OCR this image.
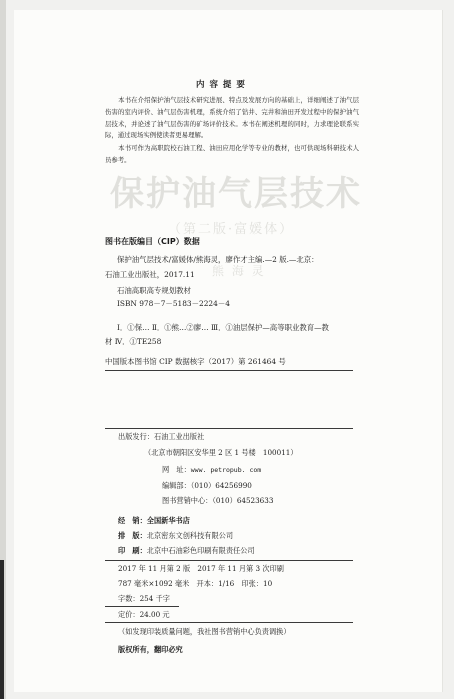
保护油气层技术
（第二版·富媛体）
熊 海 灵
内 容 提 要
本书在介绍保护油气层技术研究进展、特点及发展方向的基础上，详细阐述了油气层伤害的室内评价、油气层伤害机理，系统介绍了钻井、完井和油田开发过程中的保护油气层技术，并论述了油气层伤害的矿场评价技术。本书在阐述机理的同时，力求理论联系实际，通过现场实例使读者更易理解。
本书可作为高职院校石油工程、油田应用化学等专业的教材，也可供现场科研技术人员参考。
图书在版编目（CIP）数据
保护油气层技术/富媛体/熊海灵，廖作才主编.—2 版.—北京：
石油工业出版社，2017.11
石油高职高专规划教材
ISBN 978－7－5183－2224－4
Ⅰ．①保… Ⅱ．①熊…②廖… Ⅲ．①油层保护—高等职业教育—教
材 Ⅳ．①TE258
中国版本图书馆 CIP 数据核字（2017）第 261464 号
出版发行：石油工业出版社
（北京市朝阳区安华里 2 区 1 号楼　100011）
网　址：www. petropub. com
编辑部：（010）64256990
图书营销中心：（010）64523633
经　销：全国新华书店
排　版：北京密东文创科技有限公司
印　刷：北京中石油彩色印刷有限责任公司
2017 年 11 月第 2 版　2017 年 11 月第 3 次印刷
787 毫米×1092 毫米　开本：1/16　印张：10
字数：254 千字
定价：24.00 元
（如发现印装质量问题，我社图书营销中心负责调换）
版权所有，翻印必究
